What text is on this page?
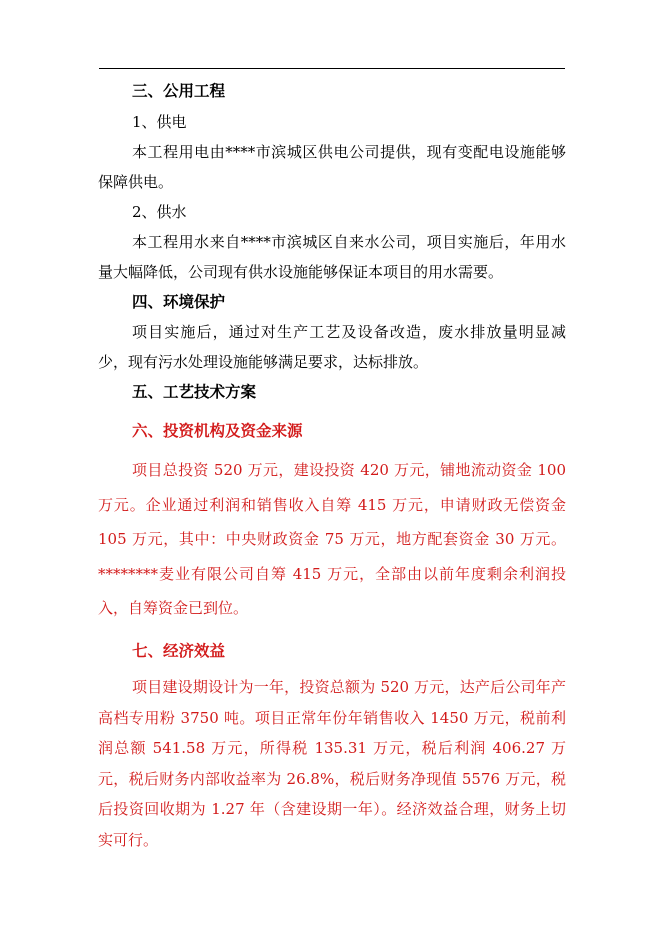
三、公用工程
1、供电
本工程用电由****市滨城区供电公司提供，现有变配电设施能够保障供电。
2、供水
本工程用水来自****市滨城区自来水公司，项目实施后，年用水量大幅降低，公司现有供水设施能够保证本项目的用水需要。
四、环境保护
项目实施后，通过对生产工艺及设备改造，废水排放量明显减少，现有污水处理设施能够满足要求，达标排放。
五、工艺技术方案
六、投资机构及资金来源
项目总投资 520 万元，建设投资 420 万元，铺地流动资金 100 万元。企业通过利润和销售收入自筹 415 万元，申请财政无偿资金 105 万元，其中：中央财政资金 75 万元，地方配套资金 30 万元。********麦业有限公司自筹 415 万元，全部由以前年度剩余利润投入，自筹资金已到位。
七、经济效益
项目建设期设计为一年，投资总额为 520 万元，达产后公司年产高档专用粉 3750 吨。项目正常年份年销售收入 1450 万元，税前利润总额 541.58 万元，所得税 135.31 万元，税后利润 406.27 万元，税后财务内部收益率为 26.8%，税后财务净现值 5576 万元，税后投资回收期为 1.27 年（含建设期一年）。经济效益合理，财务上切实可行。
